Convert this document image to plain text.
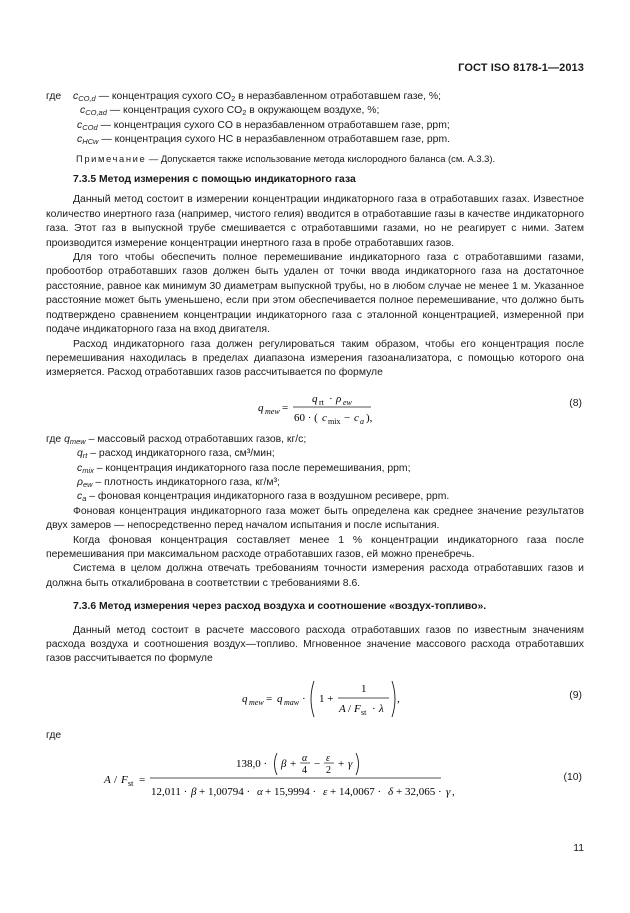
ГОСТ ISO 8178-1—2013
где $c_{CO,d}$ — концентрация сухого $CO_2$ в неразбавленном отработавшем газе, %;
$c_{CO,ad}$ — концентрация сухого $CO_2$ в окружающем воздухе, %;
$c_{COd}$ — концентрация сухого CO в неразбавленном отработавшем газе, ppm;
$c_{HCw}$ — концентрация сухого HC в неразбавленном отработавшем газе, ppm.
Примечание — Допускается также использование метода кислородного баланса (см. А.3.3).
7.3.5 Метод измерения с помощью индикаторного газа

Данный метод состоит в измерении концентрации индикаторного газа в отработавших газах. Известное количество инертного газа (например, чистого гелия) вводится в отработавшие газы в качестве индикаторного газа. Этот газ в выпускной трубе смешивается с отработавшими газами, но не реагирует с ними. Затем производится измерение концентрации инертного газа в пробе отработавших газов.

Для того чтобы обеспечить полное перемешивание индикаторного газа с отработавшими газами, пробоотбор отработавших газов должен быть удален от точки ввода индикаторного газа на достаточное расстояние, равное как минимум 30 диаметрам выпускной трубы, но в любом случае не менее 1 м. Указанное расстояние может быть уменьшено, если при этом обеспечивается полное перемешивание, что должно быть подтверждено сравнением концентрации индикаторного газа с эталонной концентрацией, измеренной при подаче индикаторного газа на вход двигателя.

Расход индикаторного газа должен регулироваться таким образом, чтобы его концентрация после перемешивания находилась в пределах диапазона измерения газоанализатора, с помощью которого она измеряется. Расход отработавших газов рассчитывается по формуле

q mew =
q rt · ρ ew
60 · ( c mix − c a ),
(8)
где $q_{mew}$ – массовый расход отработавших газов, кг/с;
$q_{rt}$ – расход индикаторного газа, см³/мин;
$c_{mix}$ – концентрация индикаторного газа после перемешивания, ppm;
$\rho_{ew}$ – плотность индикаторного газа, кг/м³;
$c_a$ – фоновая концентрация индикаторного газа в воздушном ресивере, ppm.

Фоновая концентрация индикаторного газа может быть определена как среднее значение результатов двух замеров — непосредственно перед началом испытания и после испытания.

Когда фоновая концентрация составляет менее 1 % концентрации индикаторного газа после перемешивания при максимальном расходе отработавших газов, ей можно пренебречь.

Система в целом должна отвечать требованиям точности измерения расхода отработавших газов и должна быть откалибрована в соответствии с требованиями 8.6.

7.3.6 Метод измерения через расход воздуха и соотношение «воздух-топливо».

Данный метод состоит в расчете массового расхода отработавших газов по известным значениям расхода воздуха и соотношения воздух—топливо. Мгновенное значение массового расхода отработавших газов рассчитывается по формуле

q mew = q maw · 1 +
1
A / F st · λ
,	(9)
где
A / F st =
138,0 · β + α
4
− ε
2
+ γ
12,011 · β + 1,00794 · α + 15,9994 · ε + 14,0067 · δ + 32,065 · γ ,
(10)
11
